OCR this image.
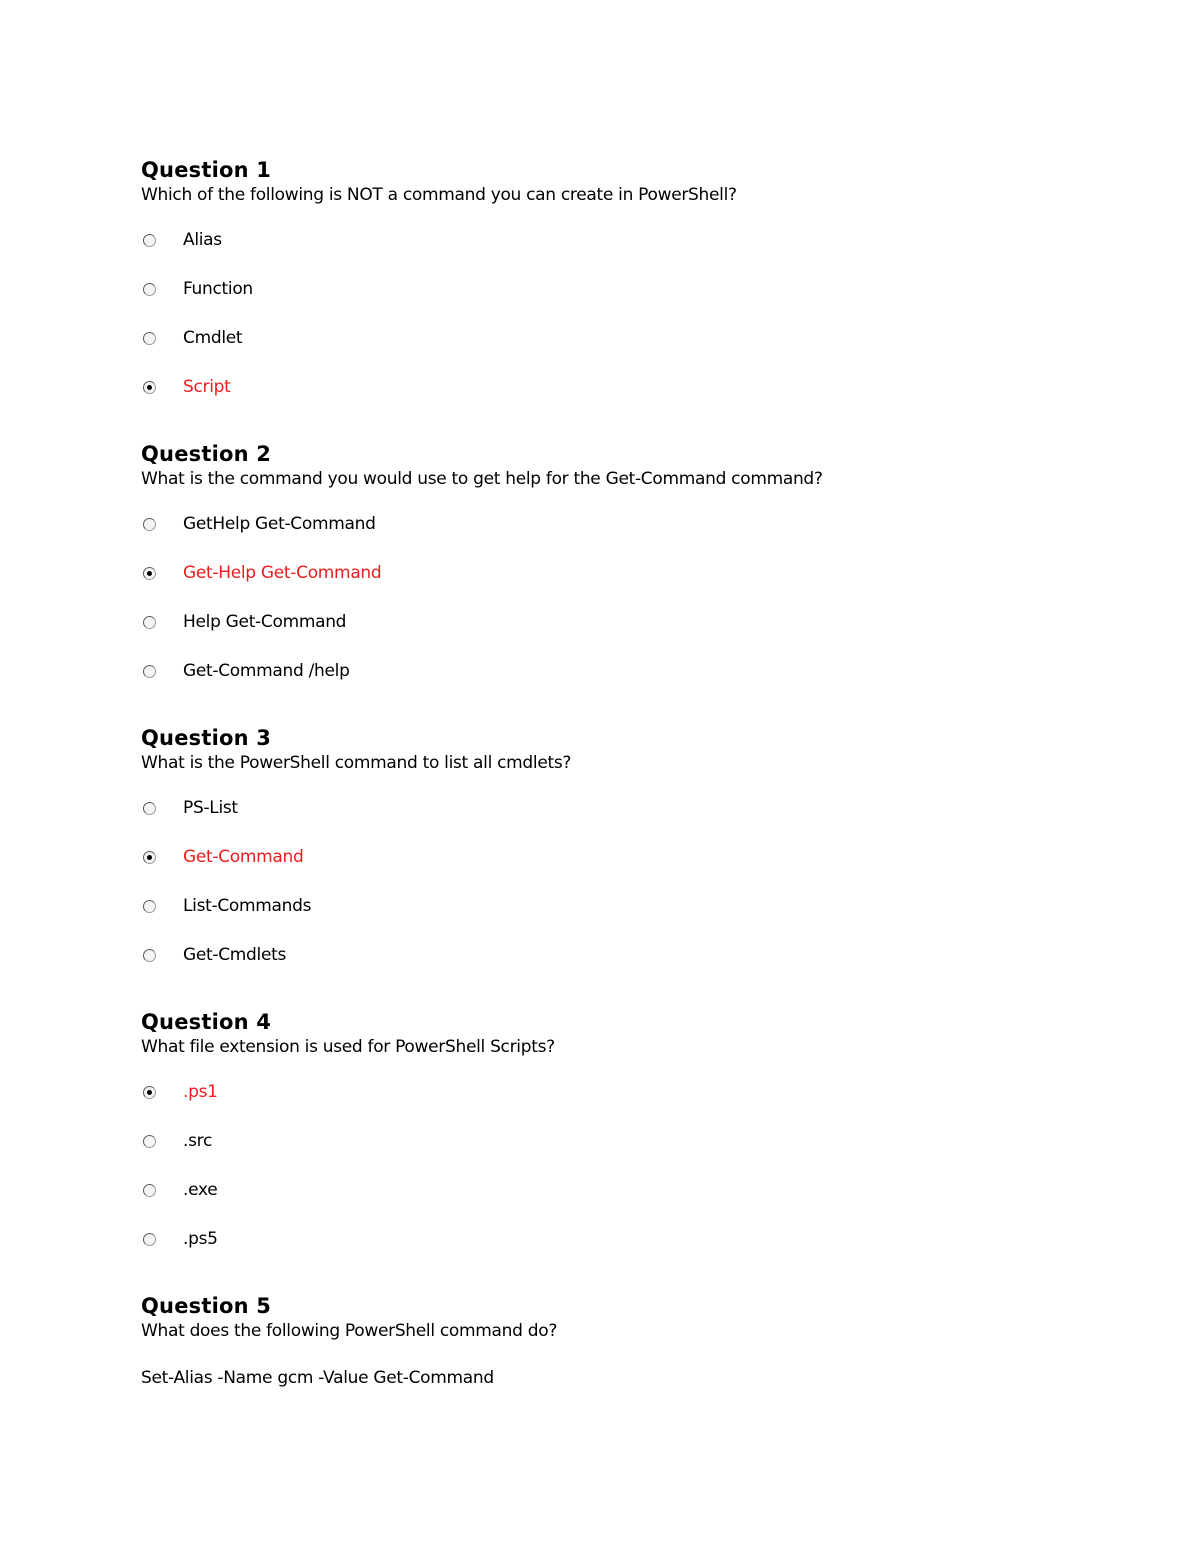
Question 1

Which of the following is NOT a command you can create in PowerShell?

Alias
Function
Cmdlet
Script
Question 2

What is the command you would use to get help for the Get-Command command?

GetHelp Get-Command
Get-Help Get-Command
Help Get-Command
Get-Command /help
Question 3

What is the PowerShell command to list all cmdlets?

PS-List
Get-Command
List-Commands
Get-Cmdlets
Question 4

What file extension is used for PowerShell Scripts?

.ps1
.src
.exe
.ps5
Question 5

What does the following PowerShell command do?

Set-Alias -Name gcm -Value Get-Command
